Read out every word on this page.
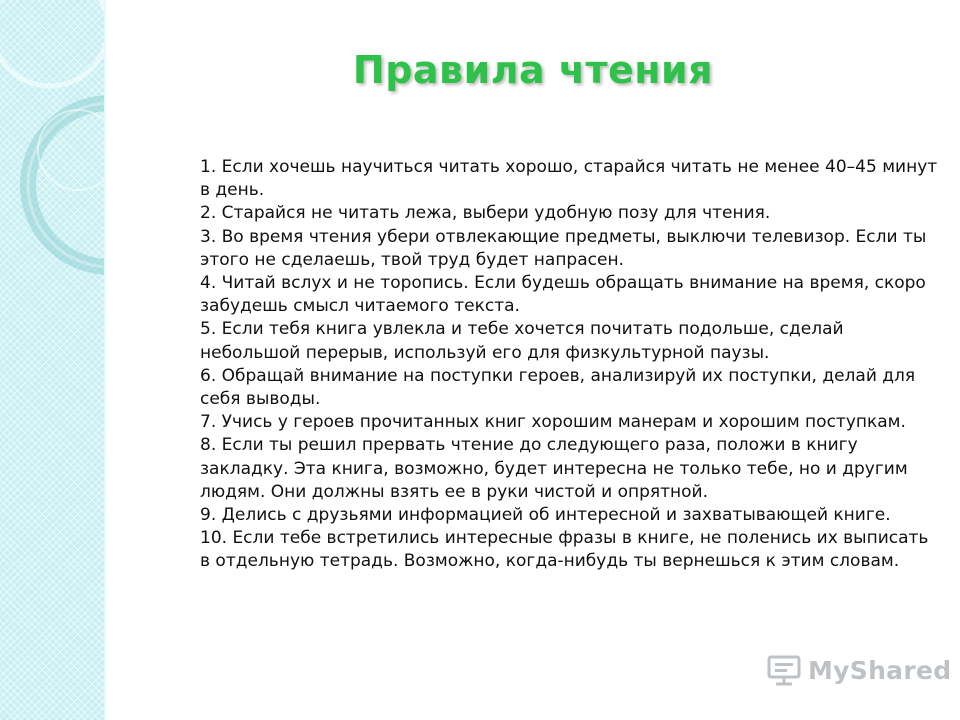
Правила чтения
1. Если хочешь научиться читать хорошо, старайся читать не менее 40–45 минут в день.
2. Старайся не читать лежа, выбери удобную позу для чтения.
3. Во время чтения убери отвлекающие предметы, выключи телевизор. Если ты этого не сделаешь, твой труд будет напрасен.
4. Читай вслух и не торопись. Если будешь обращать внимание на время, скоро забудешь смысл читаемого текста.
5. Если тебя книга увлекла и тебе хочется почитать подольше, сделай небольшой перерыв, используй его для физкультурной паузы.
6. Обращай внимание на поступки героев, анализируй их поступки, делай для себя выводы.
7. Учись у героев прочитанных книг хорошим манерам и хорошим поступкам.
8. Если ты решил прервать чтение до следующего раза, положи в книгу закладку. Эта книга, возможно, будет интересна не только тебе, но и другим людям. Они должны взять ее в руки чистой и опрятной.
9. Делись с друзьями информацией об интересной и захватывающей книге.
10. Если тебе встретились интересные фразы в книге, не поленись их выписать в отдельную тетрадь. Возможно, когда-нибудь ты вернешься к этим словам.
MyShared
